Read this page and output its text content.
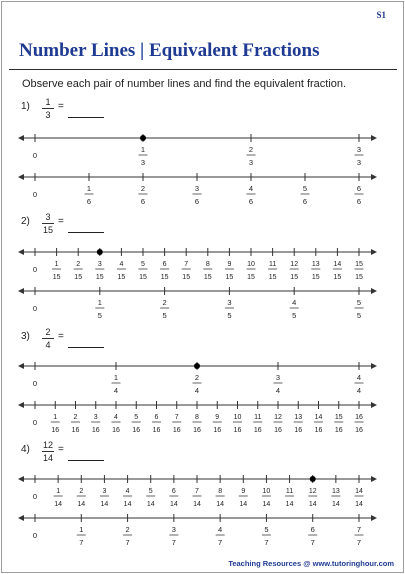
S1
Number Lines | Equivalent Fractions
Observe each pair of number lines and find the equivalent fraction.
1)	1
3
=
0
1
3
2
3
3
3
0
1
6
2
6
3
6
4
6
5
6
6
6
2)	3
15
=
0
1
15
2
15
3
15
4
15
5
15
6
15
7
15
8
15
9
15
10
15
11
15
12
15
13
15
14
15
15
15
0
1
5
2
5
3
5
4
5
5
5
3)	2
4
=
0
1
4
2
4
3
4
4
4
0
1
16
2
16
3
16
4
16
5
16
6
16
7
16
8
16
9
16
10
16
11
16
12
16
13
16
14
16
15
16
16
16
4) 12
14
=
0
1
14
2
14
3
14
4
14
5
14
6
14
7
14
8
14
9
14
10
14
11
14
12
14
13
14
14
14
0
1
7
2
7
3
7
4
7
5
7
6
7
7
7
Teaching Resources @ www.tutoringhour.com
